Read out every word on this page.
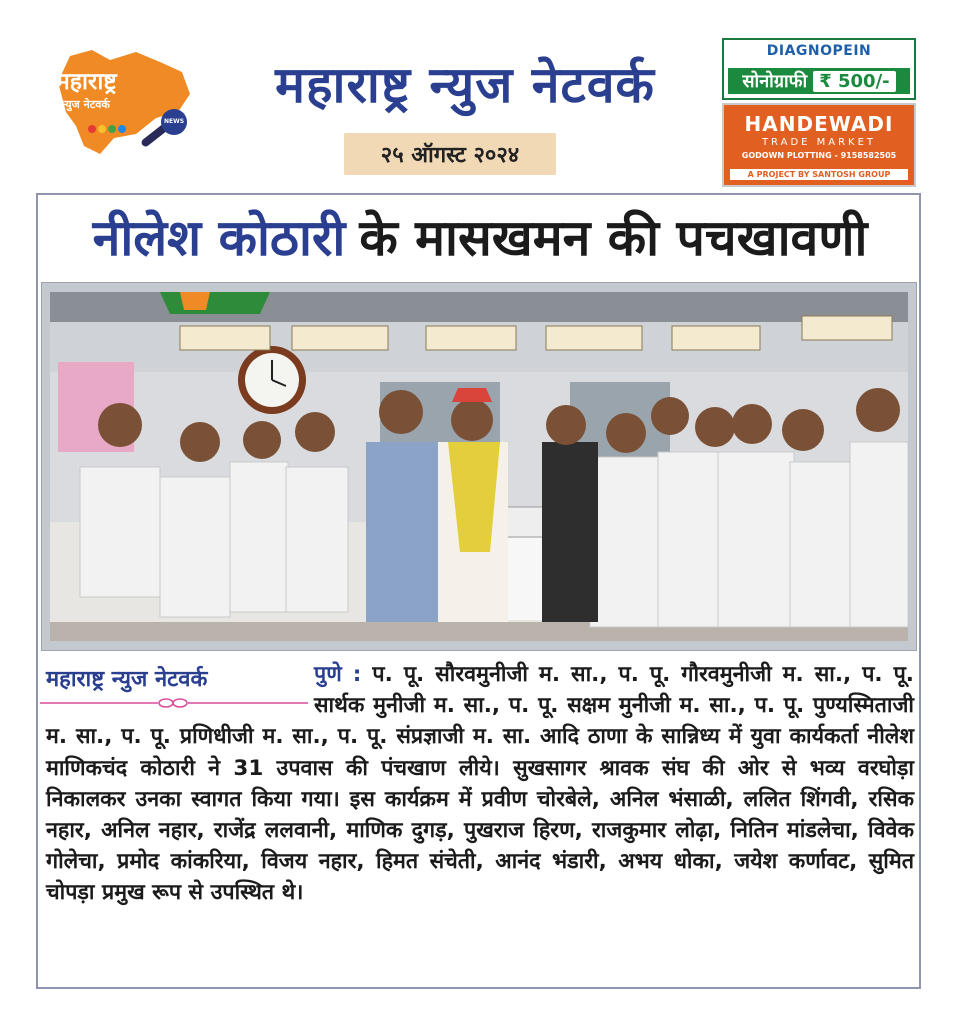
महाराष्ट्र
न्युज नेटवर्क
NEWS
महाराष्ट्र न्युज नेटवर्क
२५ ऑगस्ट २०२४
DIAGNOPEIN
सोनोग्राफी ₹ 500/-
HANDEWADI
TRADE MARKET
GODOWN PLOTTING - 9158582505
A PROJECT BY SANTOSH GROUP
नीलेश कोठारी के मासखमन की पचखावणी
महाराष्ट्र न्युज नेटवर्क	पुणे : प. पू. सौरवमुनीजी म. सा., प. पू. गौरवमुनीजी म. सा., प. पू. सार्थक मुनीजी म. सा., प. पू. सक्षम मुनीजी म. सा., प. पू. पुण्यस्मिताजी म. सा., प. पू. प्रणिधीजी म. सा., प. पू. संप्रज्ञाजी म. सा. आदि ठाणा के सान्निध्य में युवा कार्यकर्ता नीलेश माणिकचंद कोठारी ने 31 उपवास की पंचखाण लीये। सुखसागर श्रावक संघ की ओर से भव्य वरघोड़ा निकालकर उनका स्वागत किया गया। इस कार्यक्रम में प्रवीण चोरबेले, अनिल भंसाळी, ललित शिंगवी, रसिक नहार, अनिल नहार, राजेंद्र ललवानी, माणिक दुगड़, पुखराज हिरण, राजकुमार लोढ़ा, नितिन मांडलेचा, विवेक गोलेचा, प्रमोद कांकरिया, विजय नहार, हिमत संचेती, आनंद भंडारी, अभय धोका, जयेश कर्णावट, सुमित चोपड़ा प्रमुख रूप से उपस्थित थे।
